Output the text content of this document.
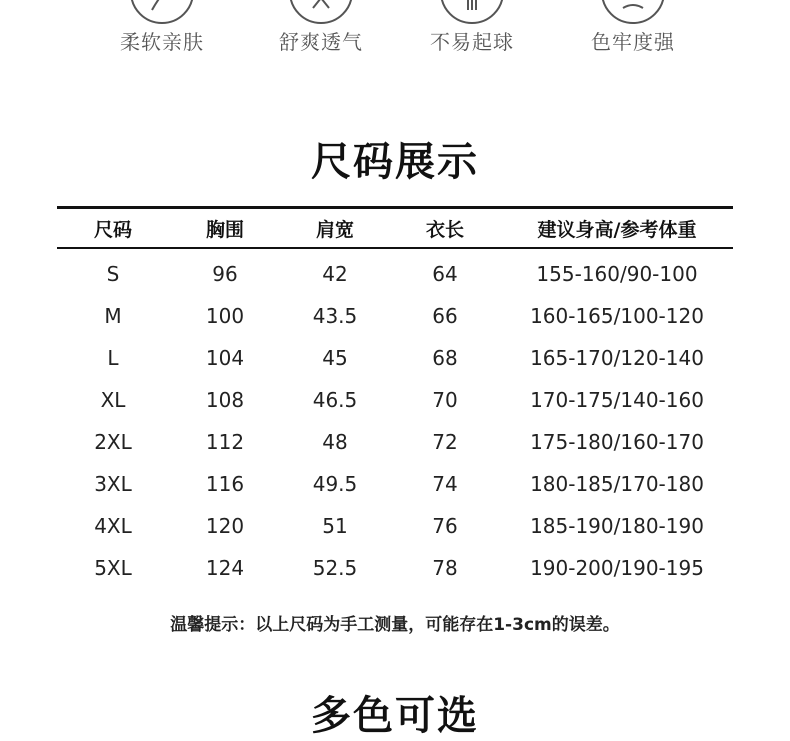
柔软亲肤	舒爽透气	不易起球	色牢度强
尺码展示
尺码	胸围	肩宽	衣长	建议身高/参考体重
S	96	42	64	155-160/90-100
M	100	43.5	66	160-165/100-120
L	104	45	68	165-170/120-140
XL	108	46.5	70	170-175/140-160
2XL	112	48	72	175-180/160-170
3XL	116	49.5	74	180-185/170-180
4XL	120	51	76	185-190/180-190
5XL	124	52.5	78	190-200/190-195
温馨提示：以上尺码为手工测量，可能存在1-3cm的误差。
多色可选
